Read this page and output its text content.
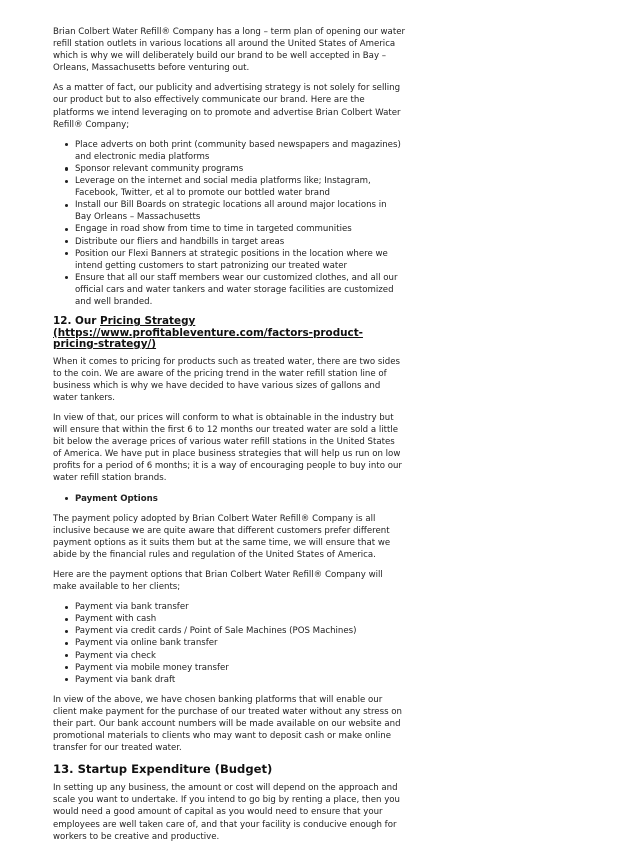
Brian Colbert Water Refill® Company has a long – term plan of opening our water refill station outlets in various locations all around the United States of America which is why we will deliberately build our brand to be well accepted in Bay – Orleans, Massachusetts before venturing out.

As a matter of fact, our publicity and advertising strategy is not solely for selling our product but to also effectively communicate our brand. Here are the platforms we intend leveraging on to promote and advertise Brian Colbert Water Refill® Company;

Place adverts on both print (community based newspapers and magazines) and electronic media platforms
Sponsor relevant community programs
Leverage on the internet and social media platforms like; Instagram, Facebook, Twitter, et al to promote our bottled water brand
Install our Bill Boards on strategic locations all around major locations in Bay Orleans – Massachusetts
Engage in road show from time to time in targeted communities
Distribute our fliers and handbills in target areas
Position our Flexi Banners at strategic positions in the location where we intend getting customers to start patronizing our treated water
Ensure that all our staff members wear our customized clothes, and all our official cars and water tankers and water storage facilities are customized and well branded.
12. Our Pricing Strategy (https://www.profitableventure.com/factors-product-pricing-strategy/)

When it comes to pricing for products such as treated water, there are two sides to the coin. We are aware of the pricing trend in the water refill station line of business which is why we have decided to have various sizes of gallons and water tankers.

In view of that, our prices will conform to what is obtainable in the industry but will ensure that within the first 6 to 12 months our treated water are sold a little bit below the average prices of various water refill stations in the United States of America. We have put in place business strategies that will help us run on low profits for a period of 6 months; it is a way of encouraging people to buy into our water refill station brands.

Payment Options

The payment policy adopted by Brian Colbert Water Refill® Company is all inclusive because we are quite aware that different customers prefer different payment options as it suits them but at the same time, we will ensure that we abide by the financial rules and regulation of the United States of America.

Here are the payment options that Brian Colbert Water Refill® Company will make available to her clients;

Payment via bank transfer
Payment with cash
Payment via credit cards / Point of Sale Machines (POS Machines)
Payment via online bank transfer
Payment via check
Payment via mobile money transfer
Payment via bank draft

In view of the above, we have chosen banking platforms that will enable our client make payment for the purchase of our treated water without any stress on their part. Our bank account numbers will be made available on our website and promotional materials to clients who may want to deposit cash or make online transfer for our treated water.

13. Startup Expenditure (Budget)

In setting up any business, the amount or cost will depend on the approach and scale you want to undertake. If you intend to go big by renting a place, then you would need a good amount of capital as you would need to ensure that your employees are well taken care of, and that your facility is conducive enough for workers to be creative and productive.
